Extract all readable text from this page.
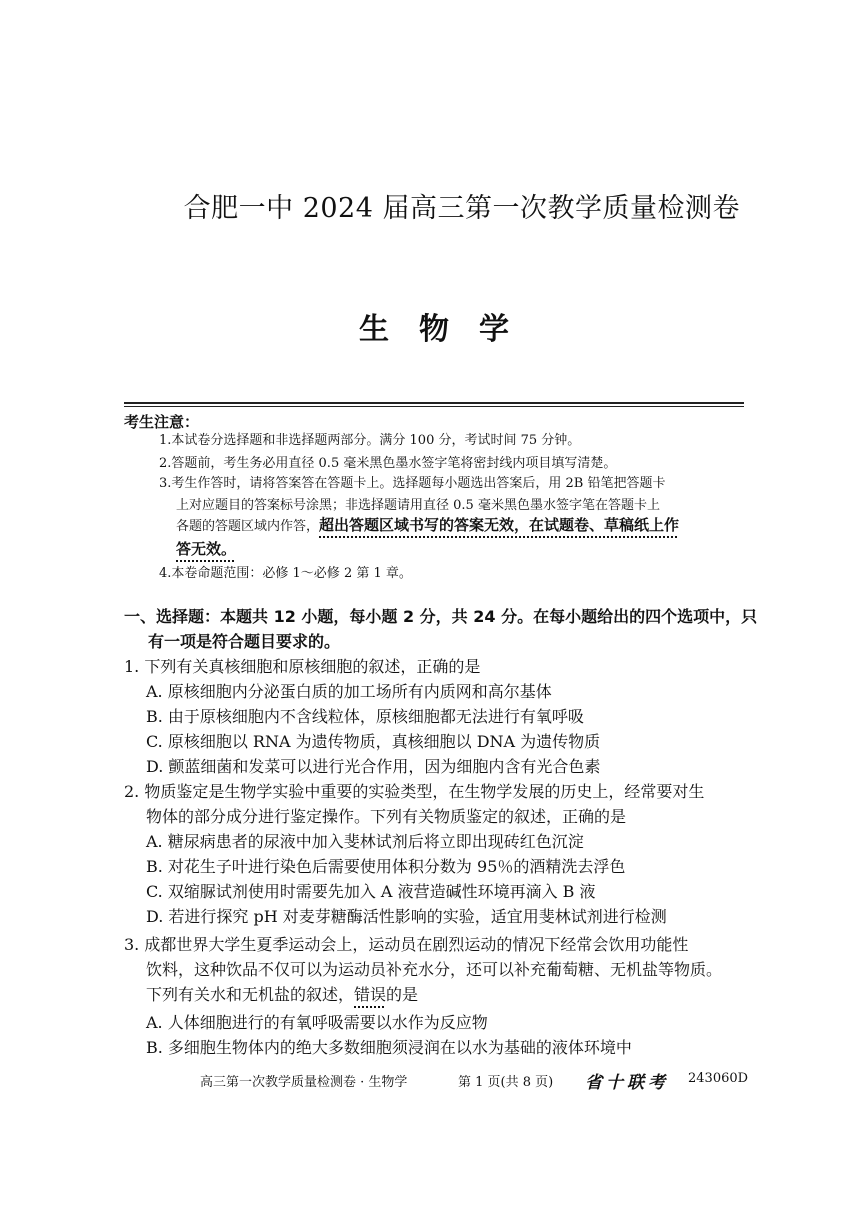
合肥一中 2024 届高三第一次教学质量检测卷
生物学
考生注意：
1.本试卷分选择题和非选择题两部分。满分 100 分，考试时间 75 分钟。
2.答题前，考生务必用直径 0.5 毫米黑色墨水签字笔将密封线内项目填写清楚。
3.考生作答时，请将答案答在答题卡上。选择题每小题选出答案后，用 2B 铅笔把答题卡
上对应题目的答案标号涂黑；非选择题请用直径 0.5 毫米黑色墨水签字笔在答题卡上
各题的答题区域内作答，超出答题区域书写的答案无效，在试题卷、草稿纸上作
答无效。
4.本卷命题范围：必修 1～必修 2 第 1 章。
一、选择题：本题共 12 小题，每小题 2 分，共 24 分。在每小题给出的四个选项中，只
有一项是符合题目要求的。
1. 下列有关真核细胞和原核细胞的叙述，正确的是
A. 原核细胞内分泌蛋白质的加工场所有内质网和高尔基体
B. 由于原核细胞内不含线粒体，原核细胞都无法进行有氧呼吸
C. 原核细胞以 RNA 为遗传物质，真核细胞以 DNA 为遗传物质
D. 颤蓝细菌和发菜可以进行光合作用，因为细胞内含有光合色素
2. 物质鉴定是生物学实验中重要的实验类型，在生物学发展的历史上，经常要对生
物体的部分成分进行鉴定操作。下列有关物质鉴定的叙述，正确的是
A. 糖尿病患者的尿液中加入斐林试剂后将立即出现砖红色沉淀
B. 对花生子叶进行染色后需要使用体积分数为 95％的酒精洗去浮色
C. 双缩脲试剂使用时需要先加入 A 液营造碱性环境再滴入 B 液
D. 若进行探究 pH 对麦芽糖酶活性影响的实验，适宜用斐林试剂进行检测
3. 成都世界大学生夏季运动会上，运动员在剧烈运动的情况下经常会饮用功能性
饮料，这种饮品不仅可以为运动员补充水分，还可以补充葡萄糖、无机盐等物质。
下列有关水和无机盐的叙述，错误的是
A. 人体细胞进行的有氧呼吸需要以水作为反应物
B. 多细胞生物体内的绝大多数细胞须浸润在以水为基础的液体环境中
高三第一次教学质量检测卷 · 生物学	第 1 页(共 8 页) 省十联考 243060D
